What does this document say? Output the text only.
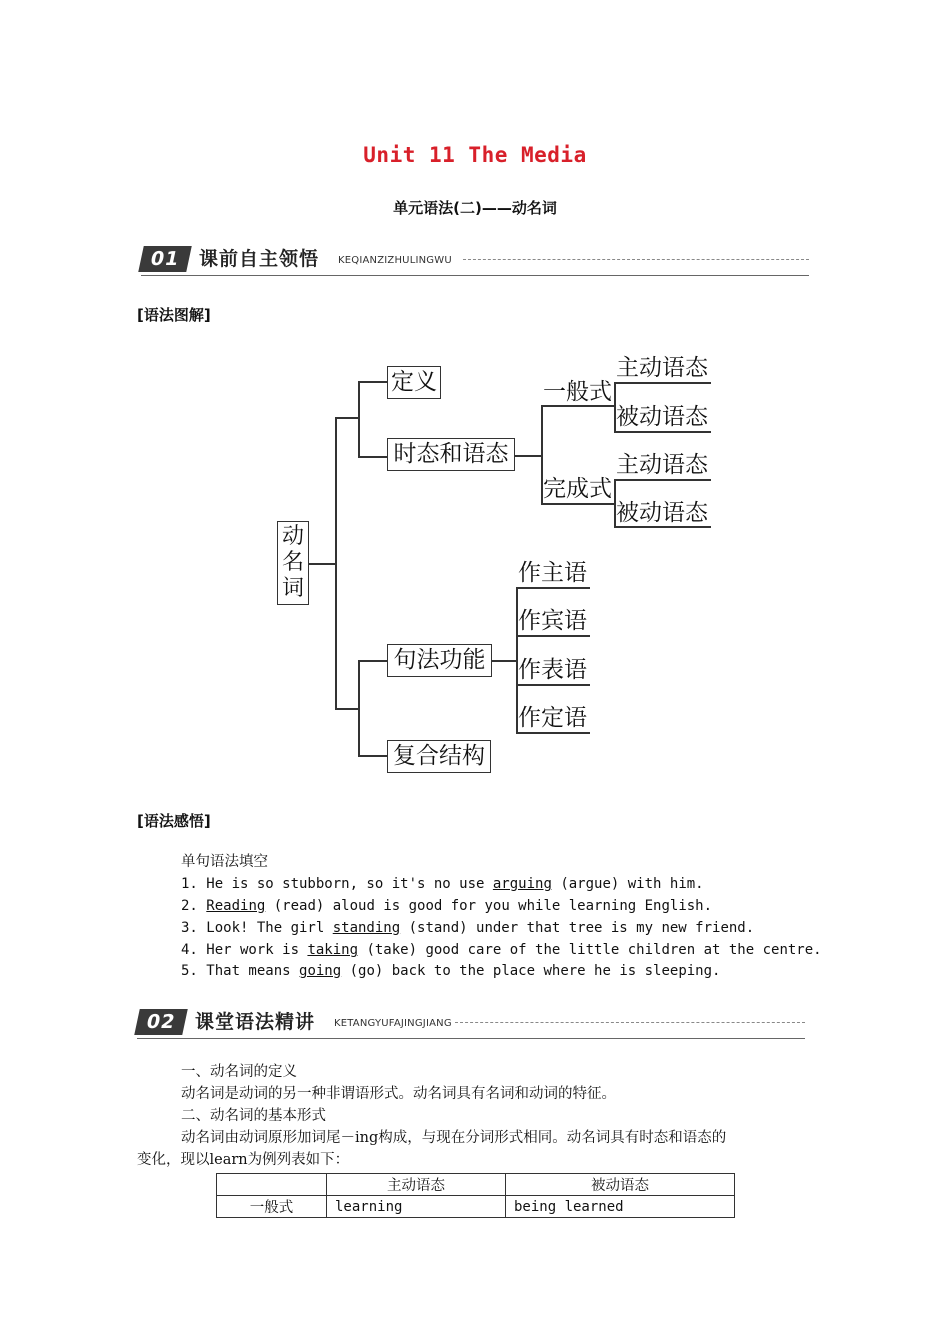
Unit 11 The Media
单元语法(二)——动名词
01 课前自主领悟 KEQIANZIZHULINGWU
[语法图解]
动
名
词
定义
时态和语态
一般式
完成式
主动语态
被动语态
主动语态
被动语态
句法功能
作主语
作宾语
作表语
作定语
复合结构
[语法感悟]
单句语法填空
1. He is so stubborn, so it's no use arguing (argue) with him.
2. Reading (read) aloud is good for you while learning English.
3. Look! The girl standing (stand) under that tree is my new friend.
4. Her work is taking (take) good care of the little children at the centre.
5. That means going (go) back to the place where he is sleeping.
02 课堂语法精讲 KETANGYUFAJINGJIANG
一、动名词的定义
动名词是动词的另一种非谓语形式。动名词具有名词和动词的特征。
二、动名词的基本形式
动名词由动词原形加词尾－ing构成，与现在分词形式相同。动名词具有时态和语态的
变化，现以learn为例列表如下：
	主动语态	被动语态
一般式	learning	being learned
